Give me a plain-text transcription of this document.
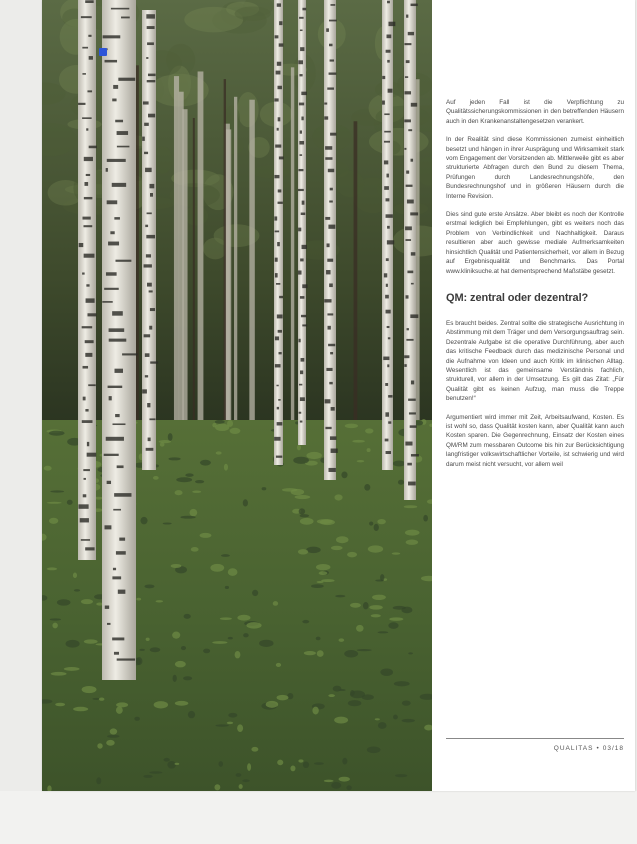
Auf jeden Fall ist die Verpflichtung zu Qualitätssicherungskommissionen in den betreffenden Häusern auch in den Krankenanstaltengesetzen verankert.

In der Realität sind diese Kommissionen zumeist einheitlich besetzt und hängen in ihrer Ausprägung und Wirksamkeit stark vom Engagement der Vorsitzenden ab. Mittlerweile gibt es aber strukturierte Abfragen durch den Bund zu diesem Thema, Prüfungen durch Landesrechnungshöfe, den Bundesrechnungshof und in größeren Häusern durch die Interne Revision.

Dies sind gute erste Ansätze. Aber bleibt es noch der Kontrolle erstmal lediglich bei Empfehlungen, gibt es weiters noch das Problem von Verbindlichkeit und Nachhaltigkeit. Daraus resultieren aber auch gewisse mediale Aufmerksamkeiten hinsichtlich Qualität und Patientensicherheit, vor allem in Bezug auf Ergebnisqualität und Benchmarks. Das Portal www.kliniksuche.at hat dementsprechend Maßstäbe gesetzt.

QM: zentral oder dezentral?

Es braucht beides. Zentral sollte die strategische Ausrichtung in Abstimmung mit dem Träger und dem Versorgungsauftrag sein. Dezentrale Aufgabe ist die operative Durchführung, aber auch das kritische Feedback durch das medizinische Personal und die Aufnahme von Ideen und auch Kritik im klinischen Alltag. Wesentlich ist das gemeinsame Verständnis fachlich, strukturell, vor allem in der Umsetzung. Es gilt das Zitat: „Für Qualität gibt es keinen Aufzug, man muss die Treppe benutzen!“

Argumentiert wird immer mit Zeit, Arbeitsaufwand, Kosten. Es ist wohl so, dass Qualität kosten kann, aber Qualität kann auch Kosten sparen. Die Gegenrechnung, Einsatz der Kosten eines QM/RM zum messbaren Outcome bis hin zur Berücksichtigung langfristiger volkswirtschaftlicher Vorteile, ist schwierig und wird darum meist nicht versucht, vor allem weil

QUALITAS • 03/18
